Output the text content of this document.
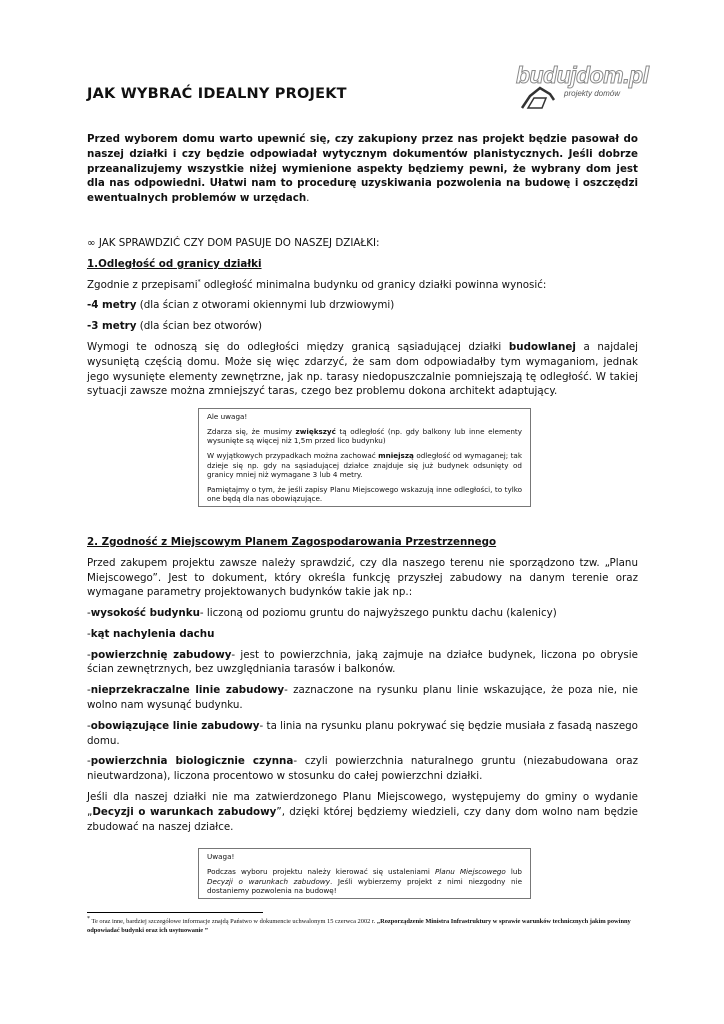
budujdom.pl
projekty domów
JAK WYBRAĆ IDEALNY PROJEKT

Przed wyborem domu warto upewnić się, czy zakupiony przez nas projekt będzie pasował do naszej działki i czy będzie odpowiadał wytycznym dokumentów planistycznych. Jeśli dobrze przeanalizujemy wszystkie niżej wymienione aspekty będziemy pewni, że wybrany dom jest dla nas odpowiedni. Ułatwi nam to procedurę uzyskiwania pozwolenia na budowę i oszczędzi ewentualnych problemów w urzędach.

∞ JAK SPRAWDZIĆ CZY DOM PASUJE DO NASZEJ DZIAŁKI:

1.Odległość od granicy działki

Zgodnie z przepisami* odległość minimalna budynku od granicy działki powinna wynosić:

-4 metry (dla ścian z otworami okiennymi lub drzwiowymi)

-3 metry (dla ścian bez otworów)

Wymogi te odnoszą się do odległości między granicą sąsiadującej działki budowlanej a najdalej wysuniętą częścią domu. Może się więc zdarzyć, że sam dom odpowiadałby tym wymaganiom, jednak jego wysunięte elementy zewnętrzne, jak np. tarasy niedopuszczalnie pomniejszają tę odległość. W takiej sytuacji zawsze można zmniejszyć taras, czego bez problemu dokona architekt adaptujący.

Ale uwaga!

Zdarza się, że musimy zwiększyć tą odległość (np. gdy balkony lub inne elementy wysunięte są więcej niż 1,5m przed lico budynku)

W wyjątkowych przypadkach można zachować mniejszą odległość od wymaganej; tak dzieje się np. gdy na sąsiadującej działce znajduje się już budynek odsunięty od granicy mniej niż wymagane 3 lub 4 metry.

Pamiętajmy o tym, że jeśli zapisy Planu Miejscowego wskazują inne odległości, to tylko one będą dla nas obowiązujące.

2. Zgodność z Miejscowym Planem Zagospodarowania Przestrzennego

Przed zakupem projektu zawsze należy sprawdzić, czy dla naszego terenu nie sporządzono tzw. „Planu Miejscowego”. Jest to dokument, który określa funkcję przyszłej zabudowy na danym terenie oraz wymagane parametry projektowanych budynków takie jak np.:

-wysokość budynku- liczoną od poziomu gruntu do najwyższego punktu dachu (kalenicy)

-kąt nachylenia dachu

-powierzchnię zabudowy- jest to powierzchnia, jaką zajmuje na działce budynek, liczona po obrysie ścian zewnętrznych, bez uwzględniania tarasów i balkonów.

-nieprzekraczalne linie zabudowy- zaznaczone na rysunku planu linie wskazujące, że poza nie, nie wolno nam wysunąć budynku.

-obowiązujące linie zabudowy- ta linia na rysunku planu pokrywać się będzie musiała z fasadą naszego domu.

-powierzchnia biologicznie czynna- czyli powierzchnia naturalnego gruntu (niezabudowana oraz nieutwardzona), liczona procentowo w stosunku do całej powierzchni działki.

Jeśli dla naszej działki nie ma zatwierdzonego Planu Miejscowego, występujemy do gminy o wydanie „Decyzji o warunkach zabudowy”, dzięki której będziemy wiedzieli, czy dany dom wolno nam będzie zbudować na naszej działce.

Uwaga!

Podczas wyboru projektu należy kierować się ustaleniami Planu Miejscowego lub Decyzji o warunkach zabudowy. Jeśli wybierzemy projekt z nimi niezgodny nie dostaniemy pozwolenia na budowę!

* Te oraz inne, bardziej szczegółowe informacje znajdą Państwo w dokumencie uchwalonym 15 czerwca 2002 r. „Rozporządzenie Ministra Infrastruktury w sprawie warunków technicznych jakim powinny odpowiadać budynki oraz ich usytuowanie ”
